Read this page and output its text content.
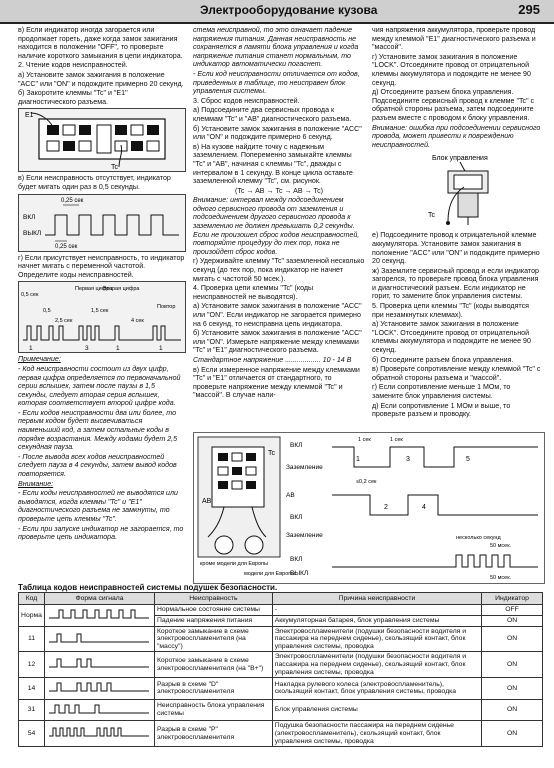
Электрооборудование кузова	295

в) Если индикатор иногда загорается или продолжает гореть, даже когда замок зажигания находится в положении "OFF", то проверьте наличие короткого замыкания в цепи индикатора.

2. Чтение кодов неисправностей.

а) Установите замок зажигания в положение "ACC" или "ON" и подождите примерно 20 секунд.

б) Закоротите клеммы "Tc" и "E1" диагностического разъема.

E1
Tc

в) Если неисправность отсутствует, индикатор будет мигать один раз в 0,5 секунды.

0,25 сек
ВКЛ
ВЫКЛ
0,25 сек

г) Если присутствует неисправность, то индикатор начнет мигать с переменной частотой. Определите коды неисправностей.

0,5 сек
Первая цифра
Вторая цифра
Повтор
0,5	1,5 сек
2,5 сек	4 сек
1	3	1	1

Примечание:

- Код неисправности состоит из двух цифр, первая цифра определяется по первоначальной серии вспышек, затем после паузы в 1,5 секунды, следует вторая серия вспышек, которая соответствует второй цифре кода.

- Если кодов неисправности два или более, то первым кодом будет высвечиваться наименьший код, а затем остальные коды в порядке возрастания. Между кодами будет 2,5 секундная пауза.

- После вывода всех кодов неисправностей следует пауза в 4 секунды, затем вывод кодов повторяется.

Внимание:

- Если коды неисправностей не выводятся или выводятся, когда клеммы "Tc" и "E1" диагностического разъема не замкнуты, то проверьте цепь клеммы "Tc".

- Если при запуске индикатор не загорается, то проверьте цепь индикатора.

стема неисправной, то это означает падение напряжения питания. Данная неисправность не сохраняется в памяти блока управления и когда напряжение питания станет нормальным, то индикатор автоматически погаснет.

- Если код неисправности отличается от кодов, приведенных в таблице, то неисправен блок управления системы.

3. Сброс кодов неисправностей.

а) Подсоедините два сервисных провода к клеммам "Tc" и "AB" диагностического разъема.

б) Установите замок зажигания в положение "ACC" или "ON" и подождите примерно 6 секунд.

в) На кузове найдите точку с надежным заземлением. Попеременно замыкайте клеммы "Tc" и "AB", начиная с клеммы "Tc", дважды с интервалом в 1 секунду. В конце цикла оставьте заземленной клемму "Tc", см. рисунок.

(Tc → AB → Tc → AB → Tc)

Внимание: интервал между подсоединением одного сервисного провода от заземления и подсоединением другого сервисного провода к заземлению не должен превышать 0,2 секунды. Если не произошел сброс кодов неисправностей, повторяйте процедуру до тех пор, пока не произойдет сброс кодов.

г) Удерживайте клемму "Tc" заземленной несколько секунд (до тех пор, пока индикатор не начнет мигать с частотой 50 мсек.).

4. Проверка цепи клеммы "Tc" (коды неисправностей не выводятся).

а) Установите замок зажигания в положение "ACC" или "ON". Если индикатор не загорается примерно на 6 секунд, то неисправна цепь индикатора.

б) Установите замок зажигания в положение "ACC" или "ON". Измерьте напряжение между клеммами "Tc" и "E1" диагностического разъема.

Стандартное напряжение .................. 10 - 14 В

в) Если измеренное напряжение между клеммами "Tc" и "E1" отличается от стандартного, то проверьте напряжение между клеммой "Tc" и "массой". В случае нали-

чия напряжения аккумулятора, проверьте провод между клеммой "E1" диагностического разъема и "массой".

г) Установите замок зажигания в положение "LOCK". Отсоедините провод от отрицательной клеммы аккумулятора и подождите не менее 90 секунд.

д) Отсоедините разъем блока управления. Подсоедините сервисный провод к клемме "Tc" с обратной стороны разъема, затем подсоедините разъем вместе с проводом к блоку управления.

Внимание: ошибка при подсоединении сервисного провода, может привести к повреждению неисправностей.

Блок управления
Tc

е) Подсоедините провод к отрицательной клемме аккумулятора. Установите замок зажигания в положение "ACC" или "ON" и подождите примерно 20 секунд.

ж) Заземлите сервисный провод и если индикатор загорелся, то проверьте провод блока управления и диагностический разъем. Если индикатор не горит, то замените блок управления системы.

5. Проверка цепи клеммы "Tc" (коды выводятся при незамкнутых клеммах).

а) Установите замок зажигания в положение "LOCK". Отсоедините провод от отрицательной клеммы аккумулятора и подождите не менее 90 секунд.

б) Отсоедините разъем блока управления.

в) Проверьте сопротивление между клеммой "Tc" с обратной стороны разъема и "массой".

г) Если сопротивление меньше 1 МОм, то замените блок управления системы.

д) Если сопротивление 1 МОм и выше, то проверьте разъем и проводку.

Tc
AB
кроме модели для Европы
модели для Европы
ВКЛ
Заземление
AB
ВКЛ
Заземление
ВКЛ
ВЫКЛ
1 сек	1 сек
≤0,2 сек
1	3	5
2	4
несколько секунд
50 мсек.
50 мсек.
Таблица кодов неисправностей системы подушек безопасности.
Код	Форма сигнала	Неисправность	Причина неисправности	Индикатор
Норма		Нормальное состояние системы	-	OFF
		Падение напряжения питания	Аккумуляторная батарея, блок управления системы	ON
11		Короткое замыкание в схеме электровоспламенителя (на "массу")	Электровоспламенители (подушки безопасности водителя и пассажира на переднем сиденье), скользящий контакт, блок управления системы, проводка	ON
12		Короткое замыкание в схеме электровоспламенителя (на "B+")	Электровоспламенители (подушки безопасности водителя и пассажира на переднем сиденье), скользящий контакт, блок управления системы, проводка	ON
14		Разрыв в схеме "D" электровоспламенителя	Накладка рулевого колеса (электровоспламенитель), скользящий контакт, блок управления системы, проводка	ON
31		Неисправность блока управления системы	Блок управления системы	ON
54		Разрыв в схеме "P" электровоспламенителя	Подушка безопасности пассажира на переднем сиденье (электровоспламенитель), скользящий контакт, блок управления системы, проводка	ON
